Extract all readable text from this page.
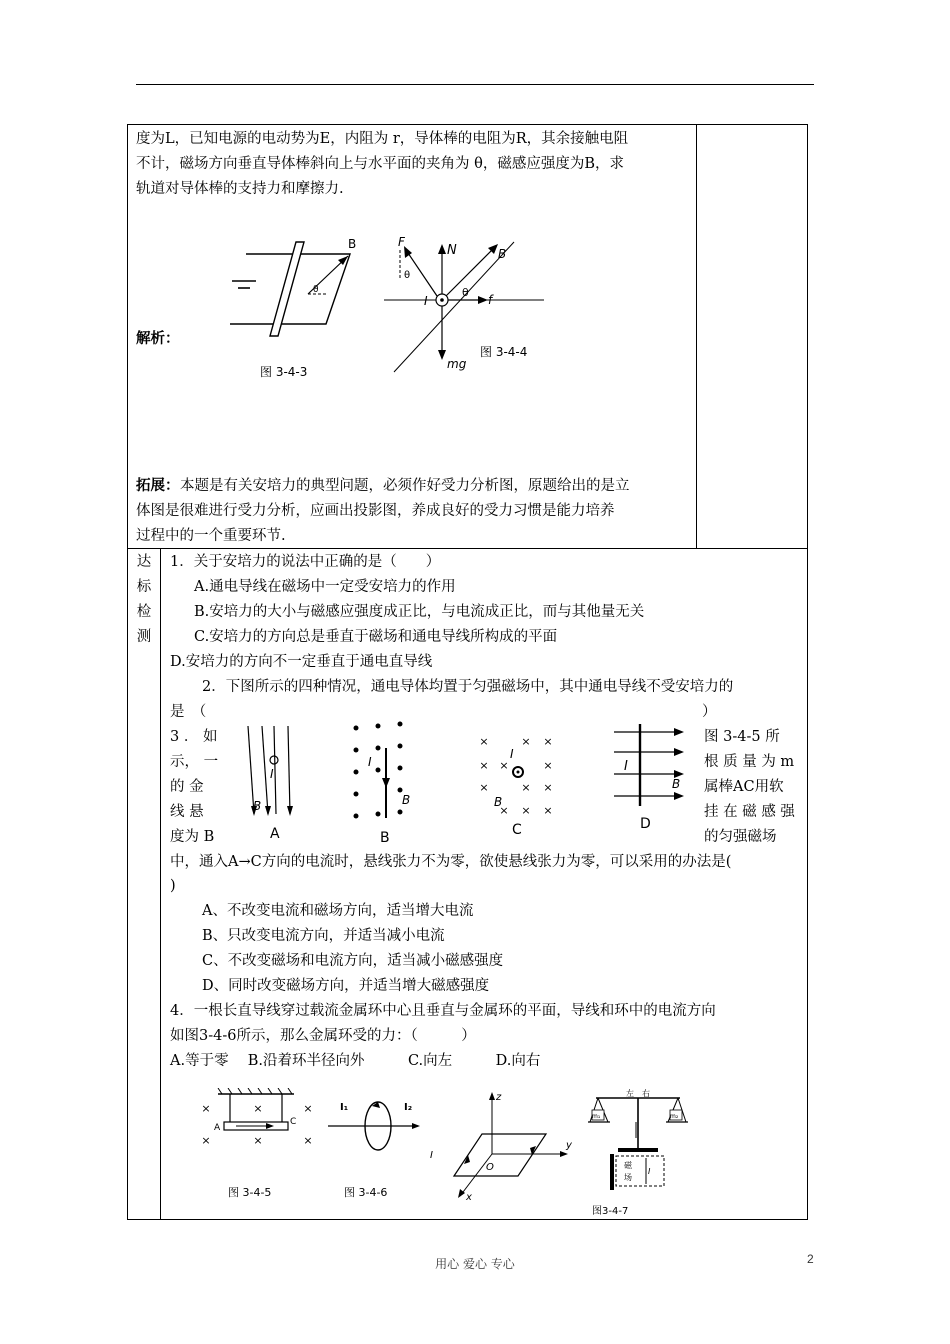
度为L，已知电源的电动势为E，内阻为 r，导体棒的电阻为R，其余接触电阻
不计，磁场方向垂直导体棒斜向上与水平面的夹角为 θ，磁感应强度为B，求
轨道对导体棒的支持力和摩擦力.
解析：
B
θ
图 3-4-3
I
N
mg
F
θ
B
θ
f
图 3-4-4
拓展： 本题是有关安培力的典型问题，必须作好受力分析图，原题给出的是立
体图是很难进行受力分析，应画出投影图，养成良好的受力习惯是能力培养
过程中的一个重要环节.
达
标
检
测
1．关于安培力的说法中正确的是（　　）
A.通电导线在磁场中一定受安培力的作用
B.安培力的大小与磁感应强度成正比，与电流成正比，而与其他量无关
C.安培力的方向总是垂直于磁场和通电导线所构成的平面
D.安培力的方向不一定垂直于通电直导线
2．下图所示的四种情况，通电导体均置于匀强磁场中，其中通电导线不受安培力的
是　（	）
3 ． 如
示， 一
的 金
线 悬
度为 B
图 3-4-5 所
根 质 量 为 m
属棒AC用软
挂 在 磁 感 强
的匀强磁场
I
B
A
I
B
B
×	× ×
× ×	×
×	× ×
× × ×
I
B
C
I
B
D
中，通入A→C方向的电流时，悬线张力不为零，欲使悬线张力为零，可以采用的办法是(
)
A、不改变电流和磁场方向，适当增大电流
B、只改变电流方向，并适当减小电流
C、不改变磁场和电流方向，适当减小磁感强度
D、同时改变磁场方向，并适当增大磁感强度
4．一根长直导线穿过载流金属环中心且垂直与金属环的平面，导线和环中的电流方向
如图3-4-6所示，那么金属环受的力：（　　　）
A.等于零　 B.沿着环半径向外　　　C.向左　　　D.向右
×	×	×
×	×	×
A
C
图 3-4-5
I₁	I₂
图 3-4-6
z
y
x
I
O
m₁	m₂
左 右
磁
场
I
图3-4-7
用心 爱心 专心	2
